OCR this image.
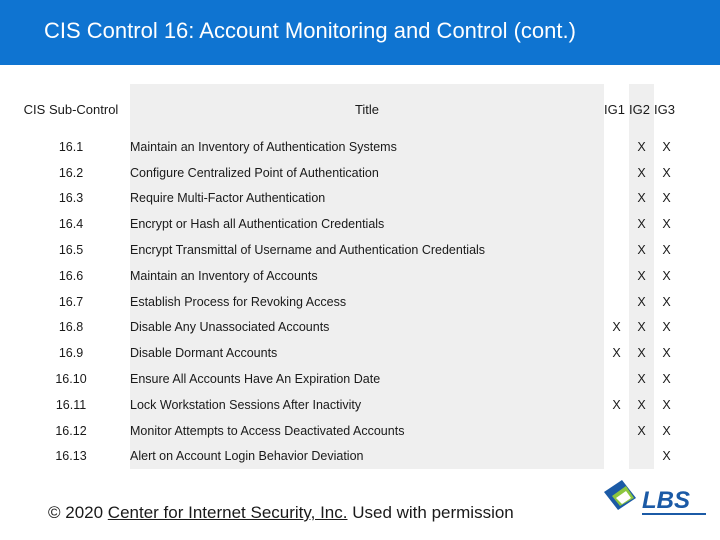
CIS Control 16: Account Monitoring and Control (cont.)
CIS Sub-Control	Title	IG1	IG2	IG3
16.1	Maintain an Inventory of Authentication Systems		X	X
16.2	Configure Centralized Point of Authentication		X	X
16.3	Require Multi-Factor Authentication		X	X
16.4	Encrypt or Hash all Authentication Credentials		X	X
16.5	Encrypt Transmittal of Username and Authentication Credentials		X	X
16.6	Maintain an Inventory of Accounts		X	X
16.7	Establish Process for Revoking Access		X	X
16.8	Disable Any Unassociated Accounts	X	X	X
16.9	Disable Dormant Accounts	X	X	X
16.10	Ensure All Accounts Have An Expiration Date		X	X
16.11	Lock Workstation Sessions After Inactivity	X	X	X
16.12	Monitor Attempts to Access Deactivated Accounts		X	X
16.13	Alert on Account Login Behavior Deviation			X
© 2020 Center for Internet Security, Inc. Used with permission	LBS
